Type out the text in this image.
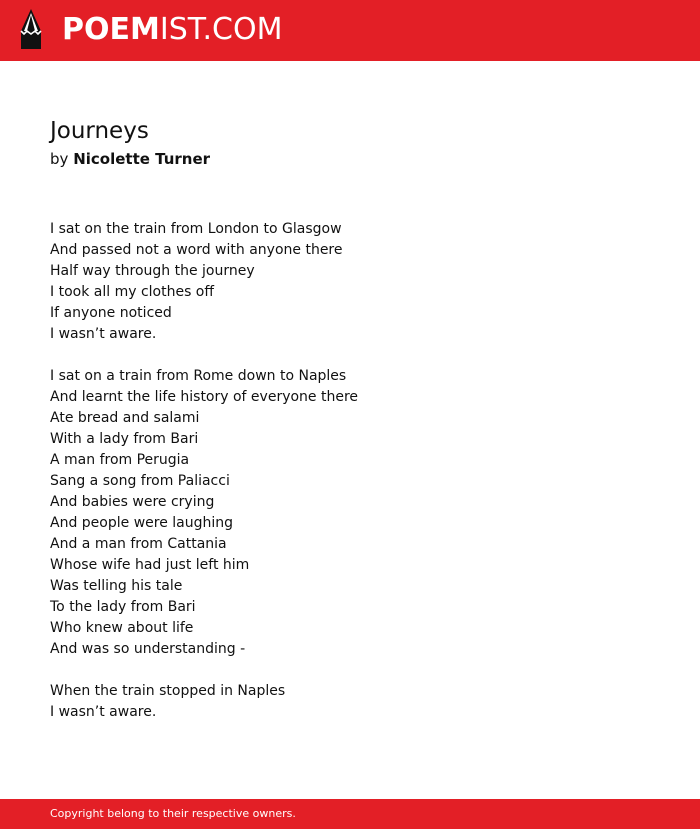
POEM IST.COM
Journeys
by Nicolette Turner
I sat on the train from London to Glasgow
And passed not a word with anyone there
Half way through the journey
I took all my clothes off
If anyone noticed
I wasn’t aware.
I sat on a train from Rome down to Naples
And learnt the life history of everyone there
Ate bread and salami
With a lady from Bari
A man from Perugia
Sang a song from Paliacci
And babies were crying
And people were laughing
And a man from Cattania
Whose wife had just left him
Was telling his tale
To the lady from Bari
Who knew about life
And was so understanding -
When the train stopped in Naples
I wasn’t aware.
Copyright belong to their respective owners.
